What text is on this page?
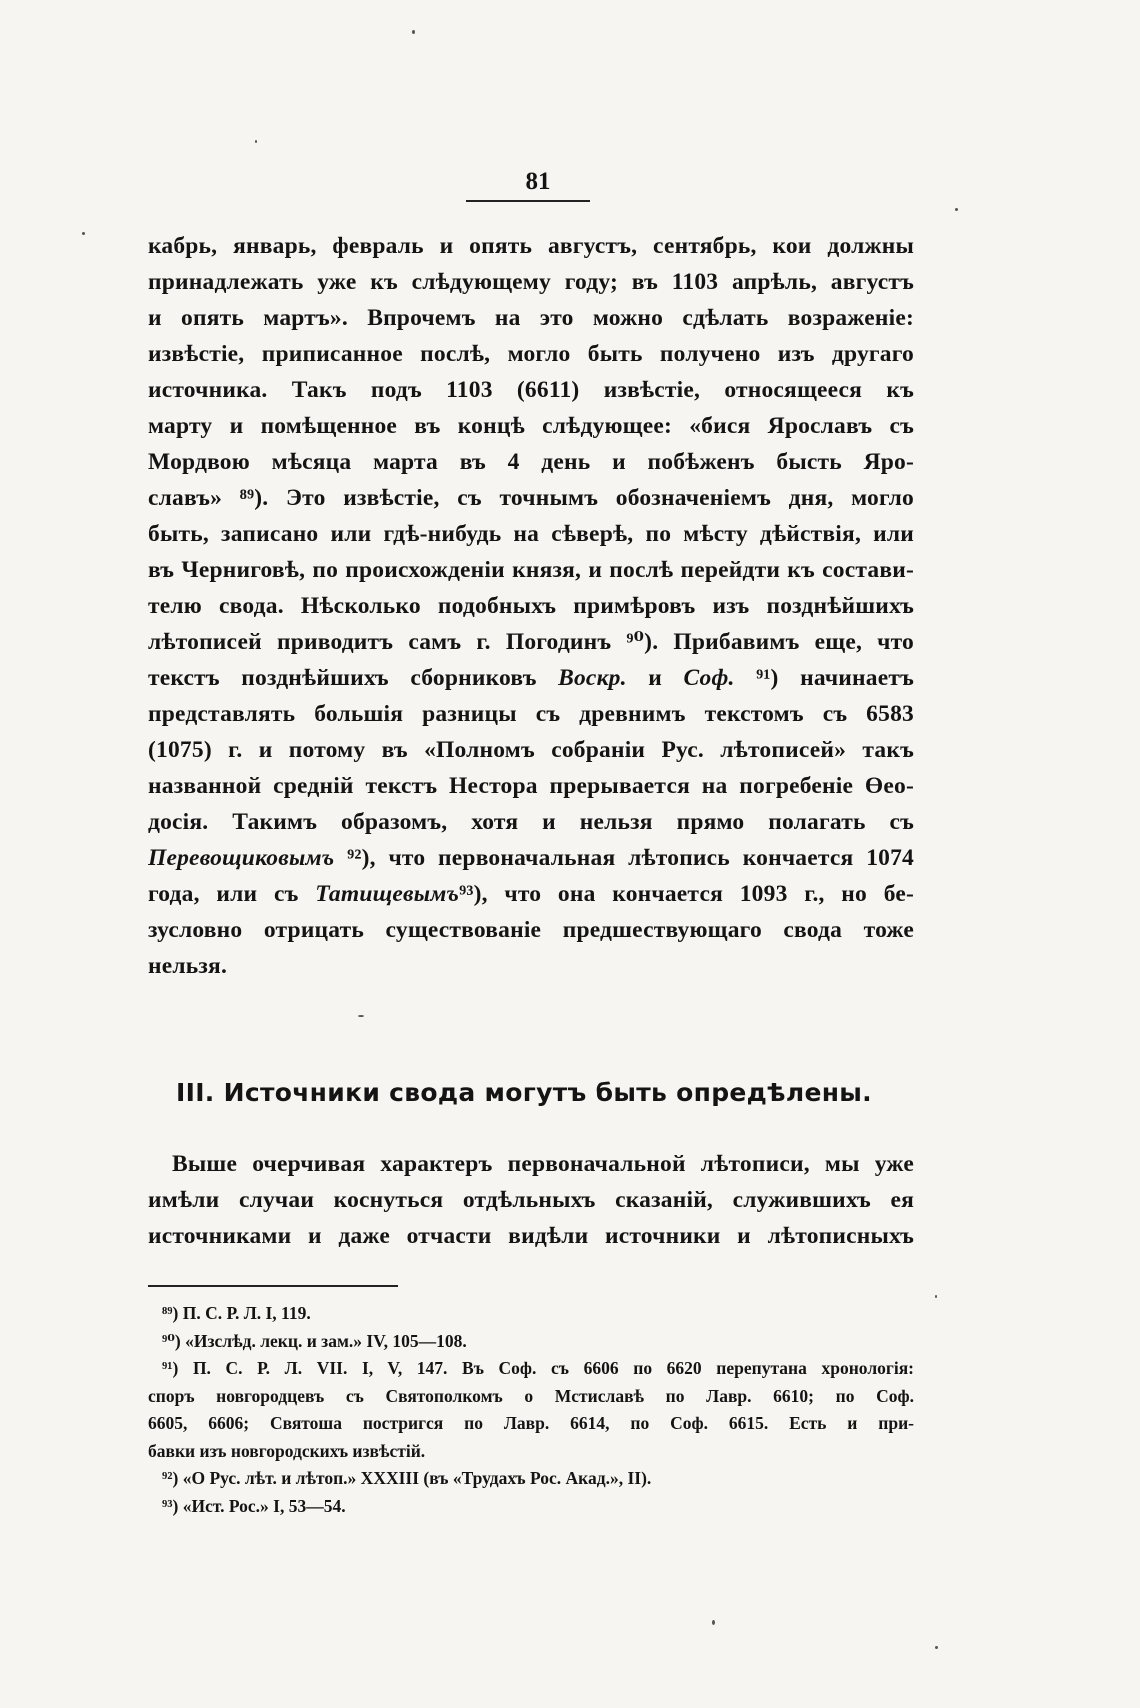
81
кабрь, январь, февраль и опять августъ, сентябрь, кои должны
принадлежать уже къ слѣдующему году; въ 1103 апрѣль, августъ
и опять мартъ». Впрочемъ на это можно сдѣлать возраженіе:
извѣстіе, приписанное послѣ, могло быть получено изъ другаго
источника. Такъ подъ 1103 (6611) извѣстіе, относящееся къ
марту и помѣщенное въ концѣ слѣдующее: «бися Ярославъ съ
Мордвою мѣсяца марта въ 4 день и побѣженъ бысть Яро-
славъ» ⁸⁹). Это извѣстіе, съ точнымъ обозначеніемъ дня, могло
быть, записано или гдѣ-нибудь на сѣверѣ, по мѣсту дѣйствія, или
въ Черниговѣ, по происхожденіи князя, и послѣ перейдти къ состави-
телю свода. Нѣсколько подобныхъ примѣровъ изъ позднѣйшихъ
лѣтописей приводитъ самъ г. Погодинъ ⁹⁰). Прибавимъ еще, что
текстъ позднѣйшихъ сборниковъ Воскр. и Соф. ⁹¹) начинаетъ
представлять большія разницы съ древнимъ текстомъ съ 6583
(1075) г. и потому въ «Полномъ собраніи Рус. лѣтописей» такъ
названной средній текстъ Нестора прерывается на погребеніе Өео-
досія. Такимъ образомъ, хотя и нельзя прямо полагать съ
Перевощиковымъ ⁹²), что первоначальная лѣтопись кончается 1074
года, или съ Татищевымъ⁹³), что она кончается 1093 г., но бе-
зусловно отрицать существованіе предшествующаго свода тоже
нельзя.
III. Источники свода могутъ быть опредѣлены.
Выше очерчивая характеръ первоначальной лѣтописи, мы уже
имѣли случаи коснуться отдѣльныхъ сказаній, служившихъ ея
источниками и даже отчасти видѣли источники и лѣтописныхъ
⁸⁹) П. С. Р. Л. I, 119.
⁹⁰) «Изслѣд. лекц. и зам.» IV, 105—108.
⁹¹) П. С. Р. Л. VII. I, V, 147. Въ Соф. съ 6606 по 6620 перепутана хронологія:
споръ новгородцевъ съ Святополкомъ о Мстиславѣ по Лавр. 6610; по Соф.
6605, 6606; Святоша постригся по Лавр. 6614, по Соф. 6615. Есть и при-
бавки изъ новгородскихъ извѣстій.
⁹²) «О Рус. лѣт. и лѣтоп.» XXXIII (въ «Трудахъ Рос. Акад.», II).
⁹³) «Ист. Рос.» I, 53—54.
